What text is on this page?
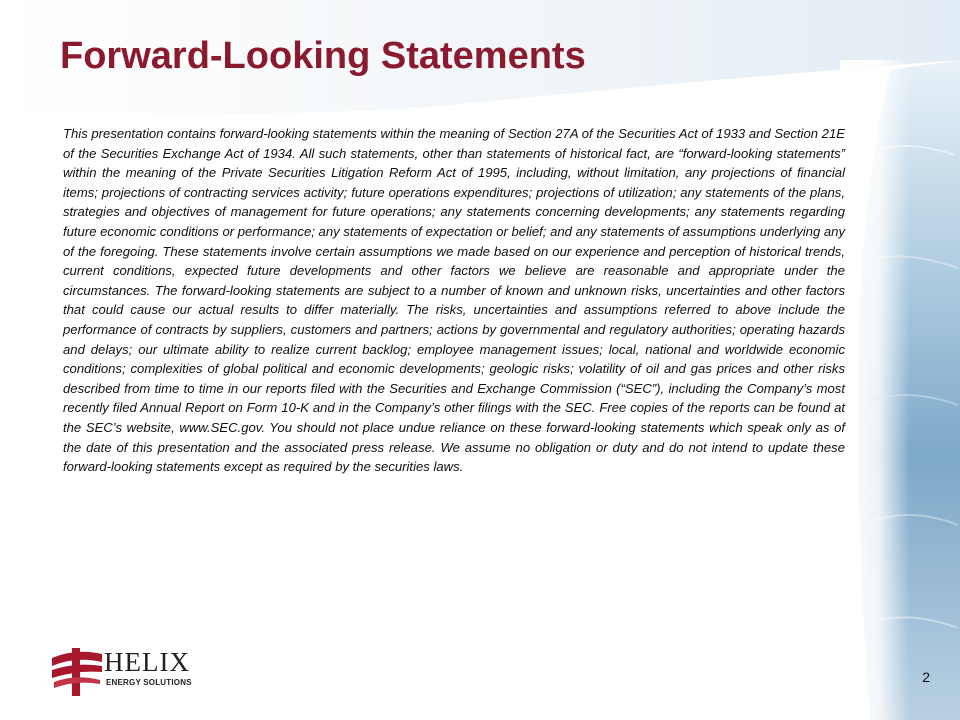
Forward-Looking Statements

This presentation contains forward-looking statements within the meaning of Section 27A of the Securities Act of 1933 and Section 21E of the Securities Exchange Act of 1934. All such statements, other than statements of historical fact, are “forward-looking statements” within the meaning of the Private Securities Litigation Reform Act of 1995, including, without limitation, any projections of financial items; projections of contracting services activity; future operations expenditures; projections of utilization; any statements of the plans, strategies and objectives of management for future operations; any statements concerning developments; any statements regarding future economic conditions or performance; any statements of expectation or belief; and any statements of assumptions underlying any of the foregoing. These statements involve certain assumptions we made based on our experience and perception of historical trends, current conditions, expected future developments and other factors we believe are reasonable and appropriate under the circumstances. The forward-looking statements are subject to a number of known and unknown risks, uncertainties and other factors that could cause our actual results to differ materially. The risks, uncertainties and assumptions referred to above include the performance of contracts by suppliers, customers and partners; actions by governmental and regulatory authorities; operating hazards and delays; our ultimate ability to realize current backlog; employee management issues; local, national and worldwide economic conditions; complexities of global political and economic developments; geologic risks; volatility of oil and gas prices and other risks described from time to time in our reports filed with the Securities and Exchange Commission (“SEC”), including the Company’s most recently filed Annual Report on Form 10-K and in the Company’s other filings with the SEC. Free copies of the reports can be found at the SEC’s website, www.SEC.gov. You should not place undue reliance on these forward-looking statements which speak only as of the date of this presentation and the associated press release. We assume no obligation or duty and do not intend to update these forward-looking statements except as required by the securities laws.

HELIX
ENERGY SOLUTIONS	2
